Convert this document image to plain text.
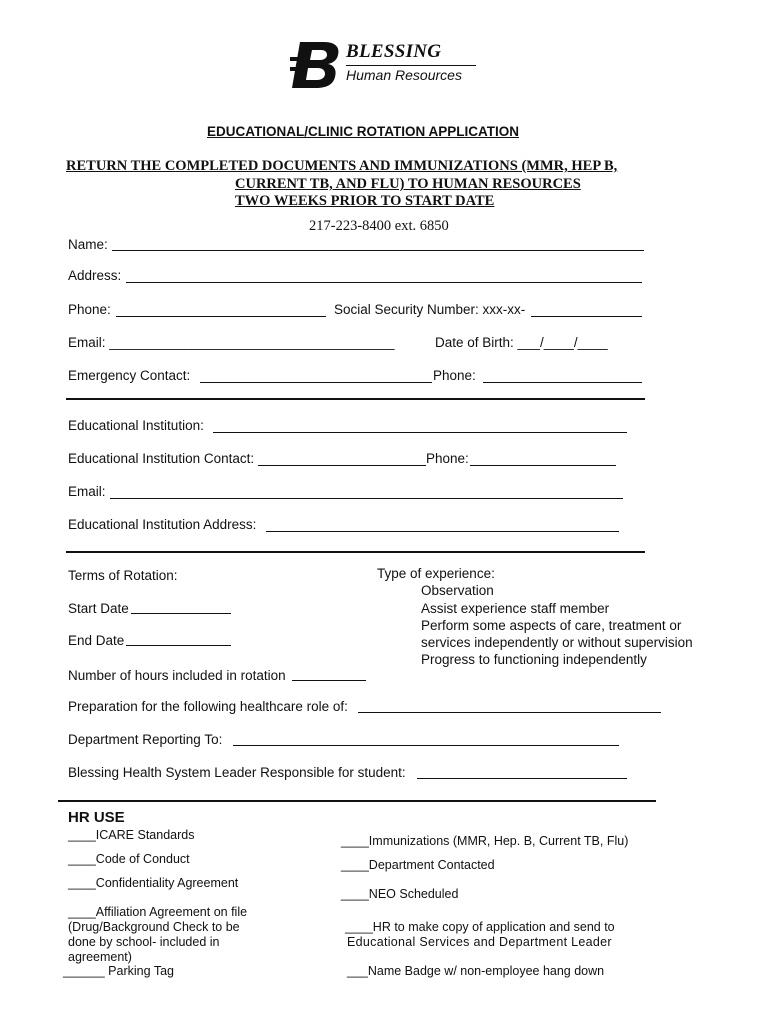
BLESSING
Human Resources
EDUCATIONAL/CLINIC ROTATION APPLICATION
RETURN THE COMPLETED DOCUMENTS AND IMMUNIZATIONS (MMR, HEP B,
CURRENT TB, AND FLU) TO HUMAN RESOURCES
TWO WEEKS PRIOR TO START DATE
217-223-8400 ext. 6850
Name:
Address:
Phone:	Social Security Number: xxx-xx-
Email: ______________________________________	Date of Birth: ___/____/____
Emergency Contact:	Phone:
Educational Institution:
Educational Institution Contact:	Phone:
Email:
Educational Institution Address:
Terms of Rotation:
Start Date
End Date
Number of hours included in rotation
Type of experience:
Observation
Assist experience staff member
Perform some aspects of care, treatment or
services independently or without supervision
Progress to functioning independently
Preparation for the following healthcare role of:
Department Reporting To:
Blessing Health System Leader Responsible for student:
HR USE
____ICARE Standards
____Code of Conduct
____Confidentiality Agreement
____Affiliation Agreement on file
(Drug/Background Check to be
done by school- included in
agreement)
______ Parking Tag
____Immunizations (MMR, Hep. B, Current TB, Flu)
____Department Contacted
____NEO Scheduled
____HR to make copy of application and send to
Educational Services and Department Leader
___Name Badge w/ non-employee hang down
